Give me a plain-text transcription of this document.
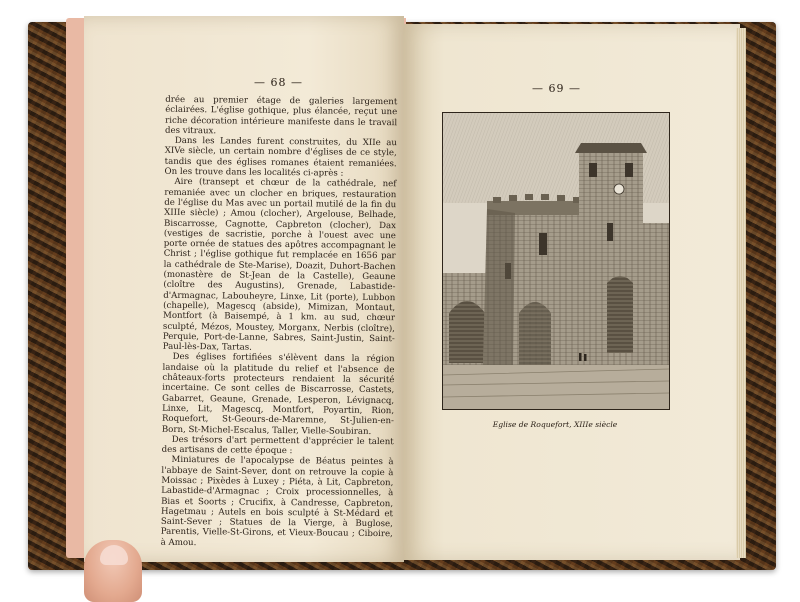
— 68 —	— 69 —

drée au premier étage de galeries largement éclairées. L'église gothique, plus élancée, reçut une riche décoration intérieure manifeste dans le travail des vitraux.

Dans les Landes furent construites, du XIIe au XIVe siècle, un certain nombre d'églises de ce style, tandis que des églises romanes étaient remaniées. On les trouve dans les localités ci-après :

Aire (transept et chœur de la cathédrale, nef remaniée avec un clocher en briques, restauration de l'église du Mas avec un portail mutilé de la fin du XIIIe siècle) ; Amou (clocher), Argelouse, Belhade, Biscarrosse, Cagnotte, Capbreton (clocher), Dax (vestiges de sacristie, porche à l'ouest avec une porte ornée de statues des apôtres accompagnant le Christ ; l'église gothique fut remplacée en 1656 par la cathédrale de Ste-Marise), Doazit, Duhort-Bachen (monastère de St-Jean de la Castelle), Geaune (cloître des Augustins), Grenade, Labastide-d'Armagnac, Labouheyre, Linxe, Lit (porte), Lubbon (chapelle), Magescq (abside), Mimizan, Montaut, Montfort (à Baisempé, à 1 km. au sud, chœur sculpté, Mézos, Moustey, Morganx, Nerbis (cloître), Perquie, Port-de-Lanne, Sabres, Saint-Justin, Saint-Paul-lès-Dax, Tartas.

Des églises fortifiées s'élèvent dans la région landaise où la platitude du relief et l'absence de châteaux-forts protecteurs rendaient la sécurité incertaine. Ce sont celles de Biscarrosse, Castets, Gabarret, Geaune, Grenade, Lesperon, Lévignacq, Linxe, Lit, Magescq, Montfort, Poyartin, Rion, Roquefort, St-Geours-de-Maremne, St-Julien-en-Born, St-Michel-Escalus, Taller, Vielle-Soubiran.

Des trésors d'art permettent d'apprécier le talent des artisans de cette époque :

Miniatures de l'apocalypse de Béatus peintes à l'abbaye de Saint-Sever, dont on retrouve la copie à Moissac ; Pixèdes à Luxey ; Piéta, à Lit, Capbreton, Labastide-d'Armagnac ; Croix processionnelles, à Bias et Soorts ; Crucifix, à Candresse, Capbreton, Hagetmau ; Autels en bois sculpté à St-Médard et Saint-Sever ; Statues de la Vierge, à Buglose, Parentis, Vielle-St-Girons, et Vieux-Boucau ; Ciboire, à Amou.

Eglise de Roquefort, XIIIe siècle
